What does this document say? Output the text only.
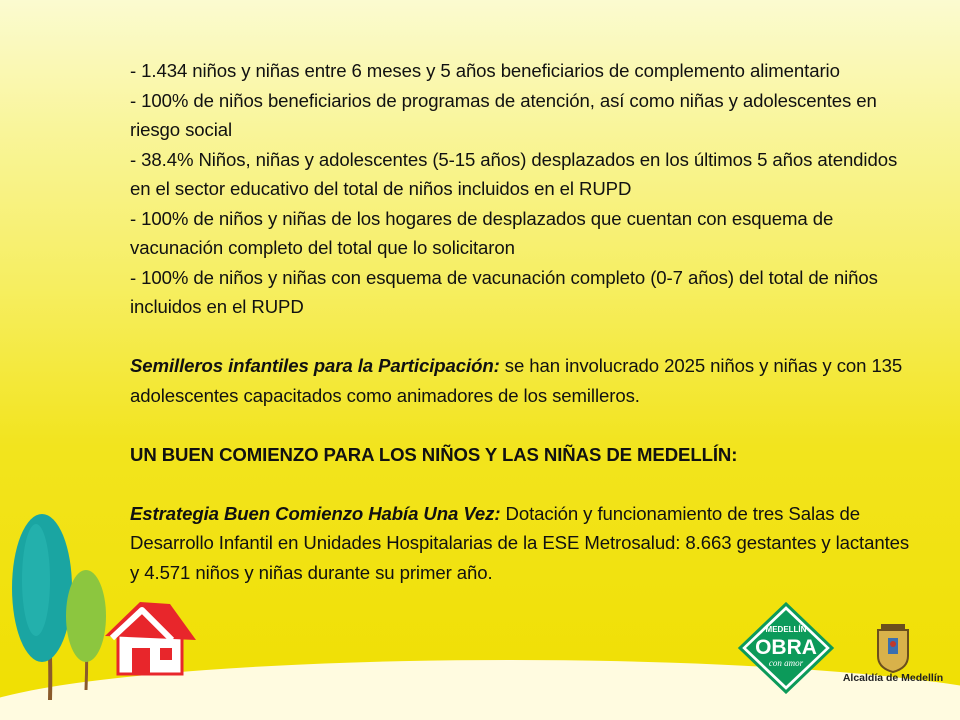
- 1.434 niños y niñas entre 6 meses y 5 años beneficiarios de complemento alimentario

- 100% de niños beneficiarios de programas de atención, así como niñas y adolescentes en riesgo social

- 38.4% Niños, niñas y adolescentes (5-15 años) desplazados en los últimos 5 años atendidos en el sector educativo del total de niños incluidos en el RUPD

- 100% de niños y niñas de los hogares de desplazados que cuentan con esquema de vacunación completo del total que lo solicitaron

- 100% de niños y niñas con esquema de vacunación completo (0-7 años) del total de niños incluidos en el RUPD

Semilleros infantiles para la Participación: se han involucrado 2025 niños y niñas y con 135 adolescentes capacitados como animadores de los semilleros.

UN BUEN COMIENZO PARA LOS NIÑOS Y LAS NIÑAS DE MEDELLÍN:

Estrategia Buen Comienzo Había Una Vez: Dotación y funcionamiento de tres Salas de Desarrollo Infantil en Unidades Hospitalarias de la ESE Metrosalud: 8.663 gestantes y lactantes y 4.571 niños y niñas durante su primer año.

MEDELLÍN
OBRA
con amor
Alcaldía de Medellín
